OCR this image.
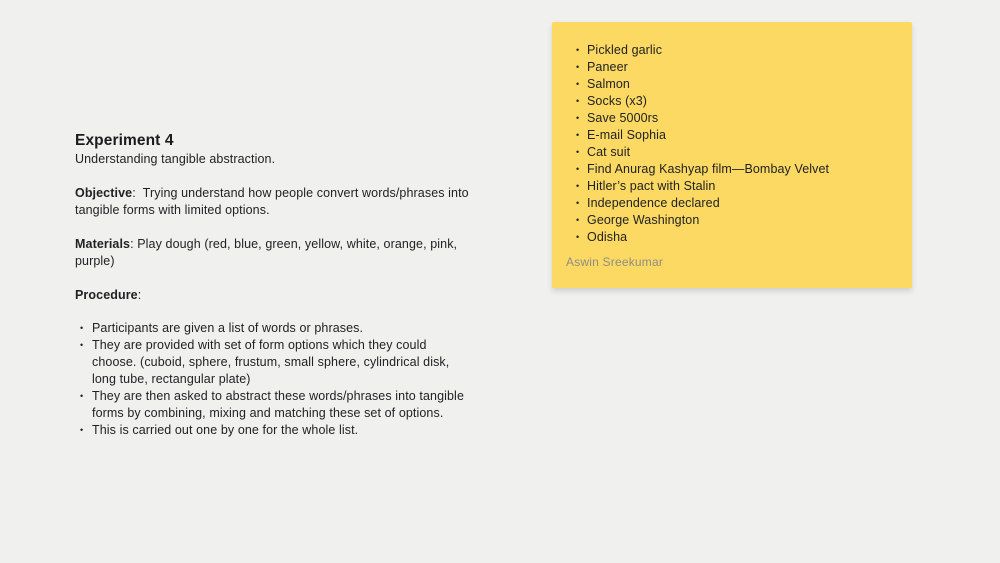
Experiment 4

Understanding tangible abstraction.

Objective:  Trying understand how people convert words/phrases into tangible forms with limited options.

Materials: Play dough (red, blue, green, yellow, white, orange, pink, purple)

Procedure:

• Participants are given a list of words or phrases.
• They are provided with set of form options which they could choose. (cuboid, sphere, frustum, small sphere, cylindrical disk, long tube, rectangular plate)
• They are then asked to abstract these words/phrases into tangible forms by combining, mixing and matching these set of options.
• This is carried out one by one for the whole list.
• Pickled garlic
• Paneer
• Salmon
• Socks (x3)
• Save 5000rs
• E-mail Sophia
• Cat suit
• Find Anurag Kashyap film—Bombay Velvet
• Hitler’s pact with Stalin
• Independence declared
• George Washington
• Odisha
Aswin Sreekumar
